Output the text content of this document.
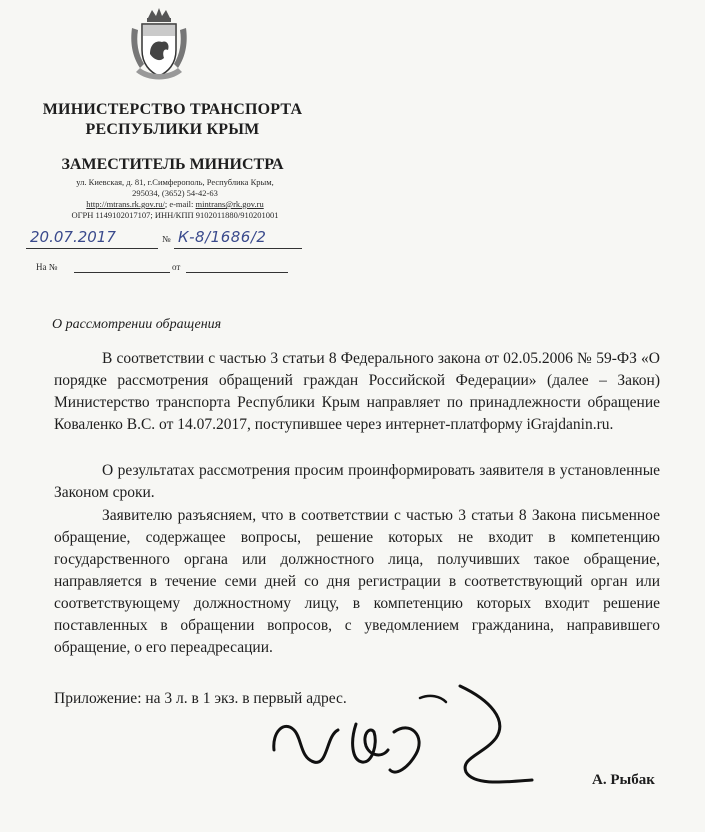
МИНИСТЕРСТВО ТРАНСПОРТА
РЕСПУБЛИКИ КРЫМ
ЗАМЕСТИТЕЛЬ МИНИСТРА
ул. Киевская, д. 81, г.Симферополь, Республика Крым,
295034, (3652) 54-42-63
http://mtrans.rk.gov.ru/; e-mail: mintrans@rk.gov.ru
ОГРН 1149102017107; ИНН/КПП 9102011880/910201001
20.07.2017	№ К-8/1686/2
На №	от
О рассмотрении обращения
В соответствии с частью 3 статьи 8 Федерального закона от 02.05.2006 № 59-ФЗ «О порядке рассмотрения обращений граждан Российской Федерации» (далее – Закон) Министерство транспорта Республики Крым направляет по принадлежности обращение Коваленко В.С. от 14.07.2017, поступившее через интернет-платформу iGrajdanin.ru.
О результатах рассмотрения просим проинформировать заявителя в установленные Законом сроки.
Заявителю разъясняем, что в соответствии с частью 3 статьи 8 Закона письменное обращение, содержащее вопросы, решение которых не входит в компетенцию государственного органа или должностного лица, получивших такое обращение, направляется в течение семи дней со дня регистрации в соответствующий орган или соответствующему должностному лицу, в компетенцию которых входит решение поставленных в обращении вопросов, с уведомлением гражданина, направившего обращение, о его переадресации.
Приложение: на 3 л. в 1 экз. в первый адрес.
А. Рыбак
